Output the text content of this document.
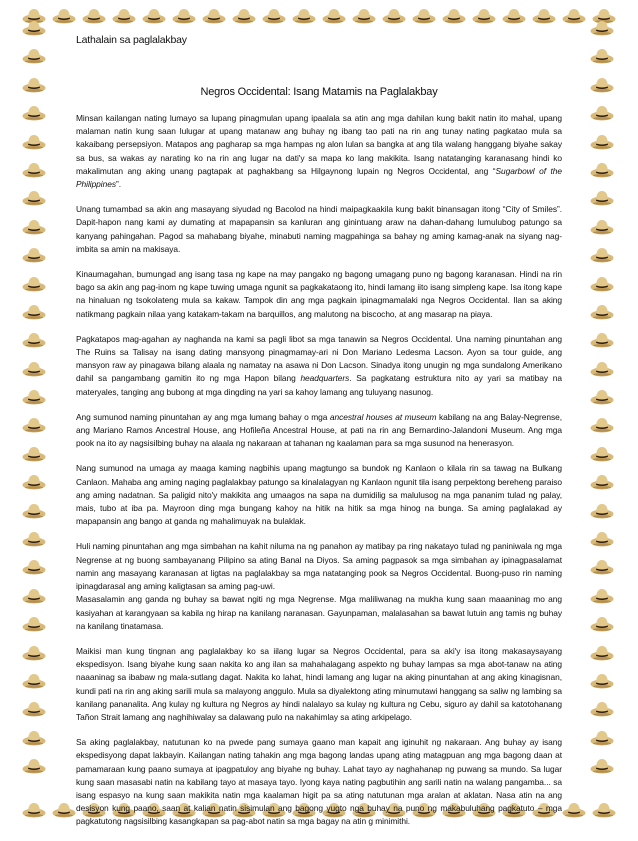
Lathalain sa paglalakbay
Negros Occidental: Isang Matamis na Paglalakbay

Minsan kailangan nating lumayo sa lupang pinagmulan upang ipaalala sa atin ang mga dahilan kung bakit natin ito mahal, upang malaman natin kung saan lulugar at upang matanaw ang buhay ng ibang tao pati na rin ang tunay nating pagkatao mula sa kakaibang persepsiyon. Matapos ang pagharap sa mga hampas ng alon lulan sa bangka at ang tila walang hanggang biyahe sakay sa bus, sa wakas ay narating ko na rin ang lugar na dati'y sa mapa ko lang makikita. Isang natatanging karanasang hindi ko makalimutan ang aking unang pagtapak at paghakbang sa Hilgaynong lupain ng Negros Occidental, ang “Sugarbowl of the Philippines”.

Unang tumambad sa akin ang masayang siyudad ng Bacolod na hindi maipagkaakila kung bakit binansagan itong “City of Smiles”. Dapit-hapon nang kami ay dumating at mapapansin sa kanluran ang ginintuang araw na dahan-dahang lumulubog patungo sa kanyang pahingahan. Pagod sa mahabang biyahe, minabuti naming magpahinga sa bahay ng aming kamag-anak na siyang nag-imbita sa amin na makisaya.

Kinaumagahan, bumungad ang isang tasa ng kape na may pangako ng bagong umagang puno ng bagong karanasan. Hindi na rin bago sa akin ang pag-inom ng kape tuwing umaga ngunit sa pagkakataong ito, hindi lamang iito isang simpleng kape. Isa itong kape na hinaluan ng tsokolateng mula sa kakaw. Tampok din ang mga pagkain ipinagmamalaki nga Negros Occidental. Ilan sa aking natikmang pagkain nilaa yang katakam-takam na barquillos, ang malutong na biscocho, at ang masarap na piaya.

Pagkatapos mag-agahan ay naghanda na kami sa pagli libot sa mga tanawin sa Negros Occidental. Una naming pinuntahan ang The Ruins sa Talisay na isang dating mansyong pinagmamay-ari ni Don Mariano Ledesma Lacson. Ayon sa tour guide, ang mansyon raw ay pinagawa bilang alaala ng namatay na asawa ni Don Lacson. Sinadya itong unugin ng mga sundalong Amerikano dahil sa pangambang gamitin ito ng mga Hapon bilang headquarters. Sa pagkatang estruktura nito ay yari sa matibay na materyales, tanging ang bubong at mga dingding na yari sa kahoy lamang ang tuluyang nasunog.

Ang sumunod naming pinuntahan ay ang mga lumang bahay o mga ancestral houses at museum kabilang na ang Balay-Negrense, ang Mariano Ramos Ancestral House, ang Hofileña Ancestral House, at pati na rin ang Bernardino-Jalandoni Museum. Ang mga pook na ito ay nagsisilbing buhay na alaala ng nakaraan at tahanan ng kaalaman para sa mga susunod na henerasyon.

Nang sumunod na umaga ay maaga kaming nagbihis upang magtungo sa bundok ng Kanlaon o kilala rin sa tawag na Bulkang Canlaon. Mahaba ang aming naging paglalakbay patungo sa kinalalagyan ng Kanlaon ngunit tila isang perpektong bereheng paraiso ang aming nadatnan. Sa paligid nito'y makikita ang umaagos na sapa na dumidilig sa malulusog na mga pananim tulad ng palay, mais, tubo at iba pa. Mayroon ding mga bungang kahoy na hitik na hitik sa mga hinog na bunga. Sa aming paglalakad ay mapapansin ang bango at ganda ng mahalimuyak na bulaklak.

Huli naming pinuntahan ang mga simbahan na kahit niluma na ng panahon ay matibay pa ring nakatayo tulad ng paniniwala ng mga Negrense at ng buong sambayanang Pilipino sa ating Banal na Diyos. Sa aming pagpasok sa mga simbahan ay ipinagpasalamat namin ang masayang karanasan at ligtas na paglalakbay sa mga natatanging pook sa Negros Occidental. Buong-puso rin naming ipinagdarasal ang aming kaligtasan sa aming pag-uwi.

Masasalamin ang ganda ng buhay sa bawat ngiti ng mga Negrense. Mga maliliwanag na mukha kung saan maaaninag mo ang kasiyahan at karangyaan sa kabila ng hirap na kanilang naranasan. Gayunpaman, malalasahan sa bawat lutuin ang tamis ng buhay na kanilang tinatamasa.

Maikisi man kung tingnan ang paglalakbay ko sa iilang lugar sa Negros Occidental, para sa aki'y isa itong makasaysayang ekspedisyon. Isang biyahe kung saan nakita ko ang ilan sa mahahalagang aspekto ng buhay lampas sa mga abot-tanaw na ating naaaninag sa ibabaw ng mala-sutlang dagat. Nakita ko lahat, hindi lamang ang lugar na aking pinuntahan at ang aking kinagisnan, kundi pati na rin ang aking sarili mula sa malayong anggulo. Mula sa diyalektong ating minumutawi hanggang sa saliw ng lambing sa kanilang pananalita. Ang kulay ng kultura ng Negros ay hindi nalalayo sa kulay ng kultura ng Cebu, siguro ay dahil sa katotohanang Tañon Strait lamang ang naghihiwalay sa dalawang pulo na nakahimlay sa ating arkipelago.

Sa aking paglalakbay, natutunan ko na pwede pang sumaya gaano man kapait ang iginuhit ng nakaraan. Ang buhay ay isang ekspedisyong dapat lakbayin. Kailangan nating tahakin ang mga bagong landas upang ating matagpuan ang mga bagong daan at pamamaraan kung paano sumaya at ipagpatuloy ang biyahe ng buhay. Lahat tayo ay naghahanap ng puwang sa mundo. Sa lugar kung saan masasabi natin na kabilang tayo at masaya tayo. Iyong kaya nating pagbutihin ang sarili natin na walang pangamba... sa isang espasyo na kung saan makikita natin mga kaalaman higit pa sa ating natutunan mga aralan at aklatan. Nasa atin na ang desisyon kung paano, saan at kalian natin sisimulan ang bagong yugto nga buhay na puno ng makabuluhang pagkatuto – mga pagkatutong nagsisilbing kasangkapan sa pag-abot natin sa mga bagay na atin g minimithi.
